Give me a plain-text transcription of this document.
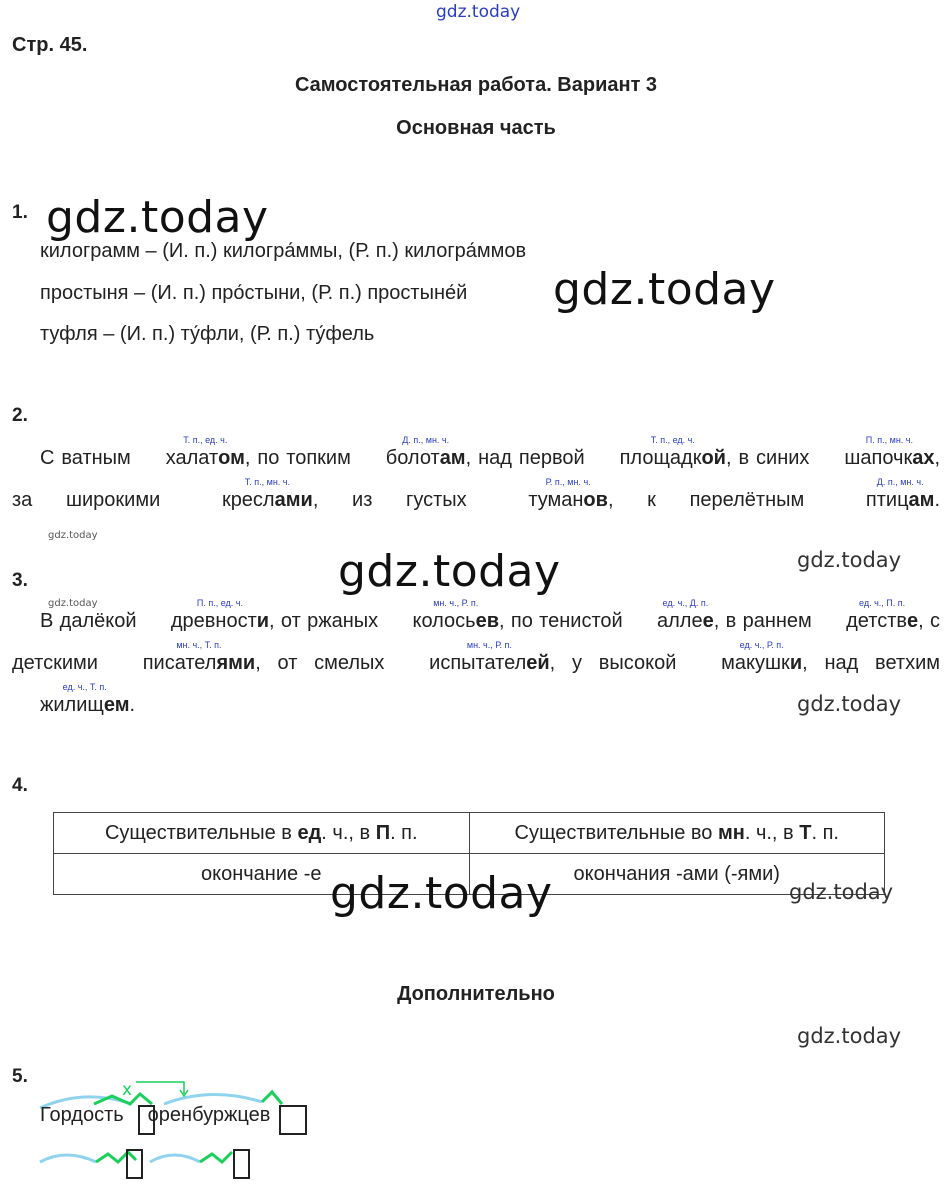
gdz.today
Стр. 45.
Самостоятельная работа. Вариант 3
Основная часть
1. gdz.today
килограмм – (И. п.) килогра́ммы, (Р. п.) килогра́ммов
простыня – (И. п.) про́стыни, (Р. п.) простыне́й gdz.today
туфля – (И. п.) ту́фли, (Р. п.) ту́фель
2.
С ватным
Т. п., ед. ч.
халатом, по топким
Д. п., мн. ч.
болотам, над первой
Т. п., ед. ч.
площадкой, в синих
П. п., мн. ч.
шапочках, за широкими
Т. п., мн. ч.
креслами, из густых
Р. п., мн. ч.
туманов, к перелётным
Д. п., мн. ч.
птицам.
gdz.today
3.	gdz.today	gdz.today
gdz.today
В далёкой
П. п., ед. ч.
древности, от ржаных
мн. ч., Р. п.
колосьев, по тенистой
ед. ч., Д. п.
аллее, в раннем
ед. ч., П. п.
детстве, с детскими
мн. ч., Т. п.
писателями, от смелых
мн. ч., Р. п.
испытателей, у высокой
ед. ч., Р. п.
макушки, над ветхим
ед. ч., Т. п.
жилищем.	gdz.today
4.
Существительные в ед. ч., в П. п.	Существительные во мн. ч., в Т. п.
окончание -е	окончания -ами (-ями)
gdz.today	gdz.today
Дополнительно
gdz.today
5.
х
Гордость оренбуржцев
